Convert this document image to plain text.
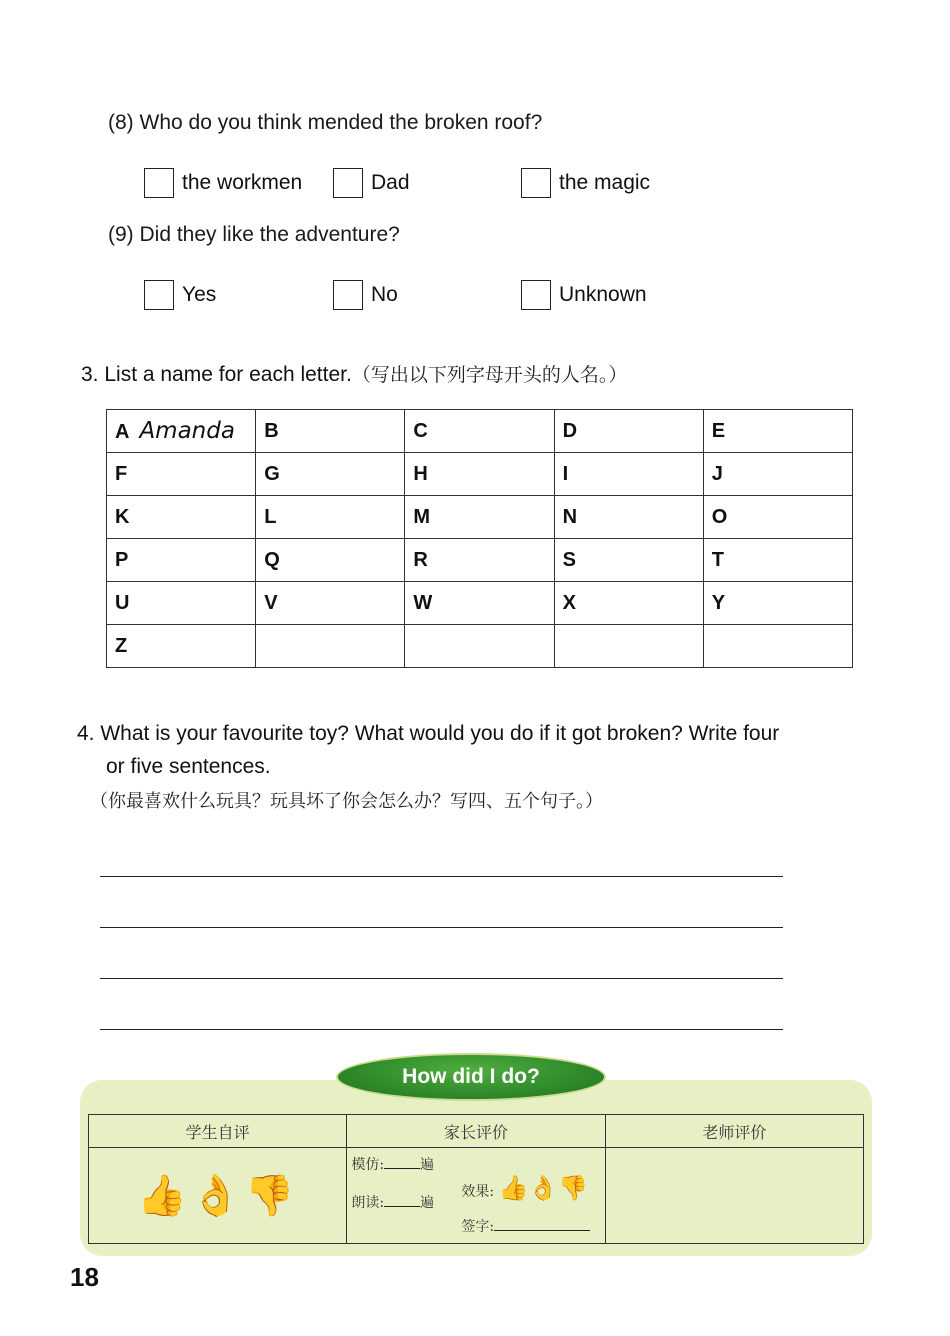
(8) Who do you think mended the broken roof?
the workmen	Dad	the magic
(9) Did they like the adventure?
Yes	No	Unknown
3. List a name for each letter.（写出以下列字母开头的人名。）
A Amanda	B	C	D	E
F	G	H	I	J
K	L	M	N	O
P	Q	R	S	T
U	V	W	X	Y
Z				
4. What is your favourite toy? What would you do if it got broken? Write four
or five sentences.
（你最喜欢什么玩具？玩具坏了你会怎么办？写四、五个句子。）
学生自评	家长评价	老师评价
👍👌👎	模仿: 遍
朗读: 遍
效果: 👍👌👎
签字:	

How did I do?
18
